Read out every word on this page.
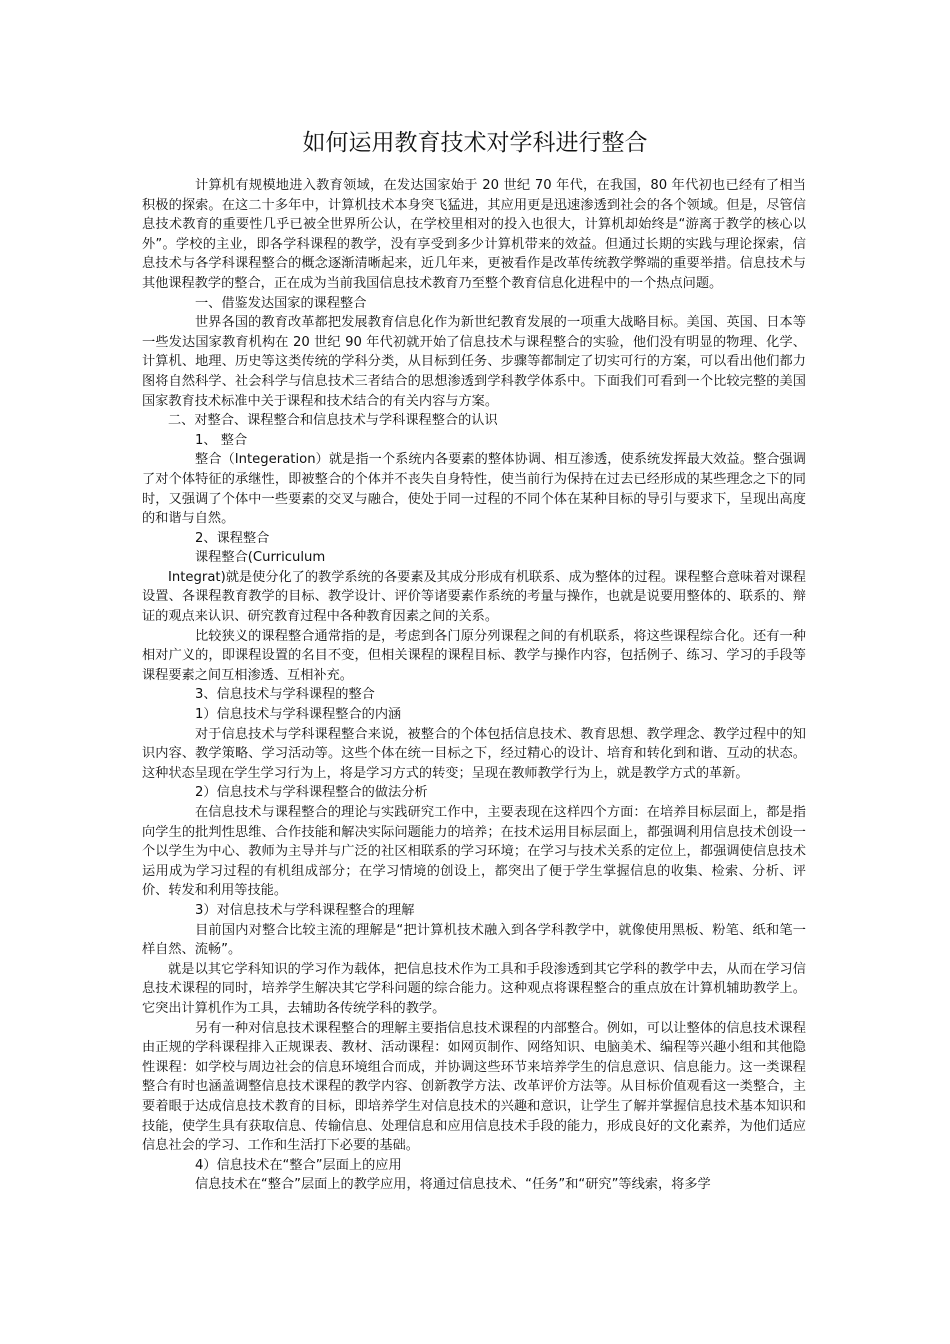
如何运用教育技术对学科进行整合

计算机有规模地进入教育领域，在发达国家始于 20 世纪 70 年代，在我国，80 年代初也已经有了相当积极的探索。在这二十多年中，计算机技术本身突飞猛进，其应用更是迅速渗透到社会的各个领域。但是，尽管信息技术教育的重要性几乎已被全世界所公认，在学校里相对的投入也很大，计算机却始终是“游离于教学的核心以外”。学校的主业，即各学科课程的教学，没有享受到多少计算机带来的效益。但通过长期的实践与理论探索，信息技术与各学科课程整合的概念逐渐清晰起来，近几年来，更被看作是改革传统教学弊端的重要举措。信息技术与其他课程教学的整合，正在成为当前我国信息技术教育乃至整个教育信息化进程中的一个热点问题。

一、借鉴发达国家的课程整合

世界各国的教育改革都把发展教育信息化作为新世纪教育发展的一项重大战略目标。美国、英国、日本等一些发达国家教育机构在 20 世纪 90 年代初就开始了信息技术与课程整合的实验，他们没有明显的物理、化学、计算机、地理、历史等这类传统的学科分类，从目标到任务、步骤等都制定了切实可行的方案，可以看出他们都力图将自然科学、社会科学与信息技术三者结合的思想渗透到学科教学体系中。下面我们可看到一个比较完整的美国国家教育技术标准中关于课程和技术结合的有关内容与方案。

二、对整合、课程整合和信息技术与学科课程整合的认识

1、 整合

整合（Integeration）就是指一个系统内各要素的整体协调、相互渗透，使系统发挥最大效益。整合强调了对个体特征的承继性，即被整合的个体并不丧失自身特性，使当前行为保持在过去已经形成的某些理念之下的同时，又强调了个体中一些要素的交叉与融合，使处于同一过程的不同个体在某种目标的导引与要求下，呈现出高度的和谐与自然。

2、课程整合

课程整合(Curriculum

Integrat)就是使分化了的教学系统的各要素及其成分形成有机联系、成为整体的过程。课程整合意味着对课程设置、各课程教育教学的目标、教学设计、评价等诸要素作系统的考量与操作，也就是说要用整体的、联系的、辩证的观点来认识、研究教育过程中各种教育因素之间的关系。

比较狭义的课程整合通常指的是，考虑到各门原分列课程之间的有机联系，将这些课程综合化。还有一种相对广义的，即课程设置的名目不变，但相关课程的课程目标、教学与操作内容，包括例子、练习、学习的手段等课程要素之间互相渗透、互相补充。

3、信息技术与学科课程的整合

1）信息技术与学科课程整合的内涵

对于信息技术与学科课程整合来说，被整合的个体包括信息技术、教育思想、教学理念、教学过程中的知识内容、教学策略、学习活动等。这些个体在统一目标之下，经过精心的设计、培育和转化到和谐、互动的状态。这种状态呈现在学生学习行为上，将是学习方式的转变；呈现在教师教学行为上，就是教学方式的革新。

2）信息技术与学科课程整合的做法分析

在信息技术与课程整合的理论与实践研究工作中，主要表现在这样四个方面：在培养目标层面上，都是指向学生的批判性思维、合作技能和解决实际问题能力的培养；在技术运用目标层面上，都强调利用信息技术创设一个以学生为中心、教师为主导并与广泛的社区相联系的学习环境；在学习与技术关系的定位上，都强调使信息技术运用成为学习过程的有机组成部分；在学习情境的创设上，都突出了便于学生掌握信息的收集、检索、分析、评价、转发和利用等技能。

3）对信息技术与学科课程整合的理解

目前国内对整合比较主流的理解是“把计算机技术融入到各学科教学中，就像使用黑板、粉笔、纸和笔一样自然、流畅”。

就是以其它学科知识的学习作为载体，把信息技术作为工具和手段渗透到其它学科的教学中去，从而在学习信息技术课程的同时，培养学生解决其它学科问题的综合能力。这种观点将课程整合的重点放在计算机辅助教学上。它突出计算机作为工具，去辅助各传统学科的教学。

另有一种对信息技术课程整合的理解主要指信息技术课程的内部整合。例如，可以让整体的信息技术课程由正规的学科课程排入正规课表、教材、活动课程：如网页制作、网络知识、电脑美术、编程等兴趣小组和其他隐性课程：如学校与周边社会的信息环境组合而成，并协调这些环节来培养学生的信息意识、信息能力。这一类课程整合有时也涵盖调整信息技术课程的教学内容、创新教学方法、改革评价方法等。从目标价值观看这一类整合，主要着眼于达成信息技术教育的目标，即培养学生对信息技术的兴趣和意识，让学生了解并掌握信息技术基本知识和技能，使学生具有获取信息、传输信息、处理信息和应用信息技术手段的能力，形成良好的文化素养，为他们适应信息社会的学习、工作和生活打下必要的基础。

4）信息技术在“整合”层面上的应用

信息技术在“整合”层面上的教学应用，将通过信息技术、“任务”和“研究”等线索，将多学
